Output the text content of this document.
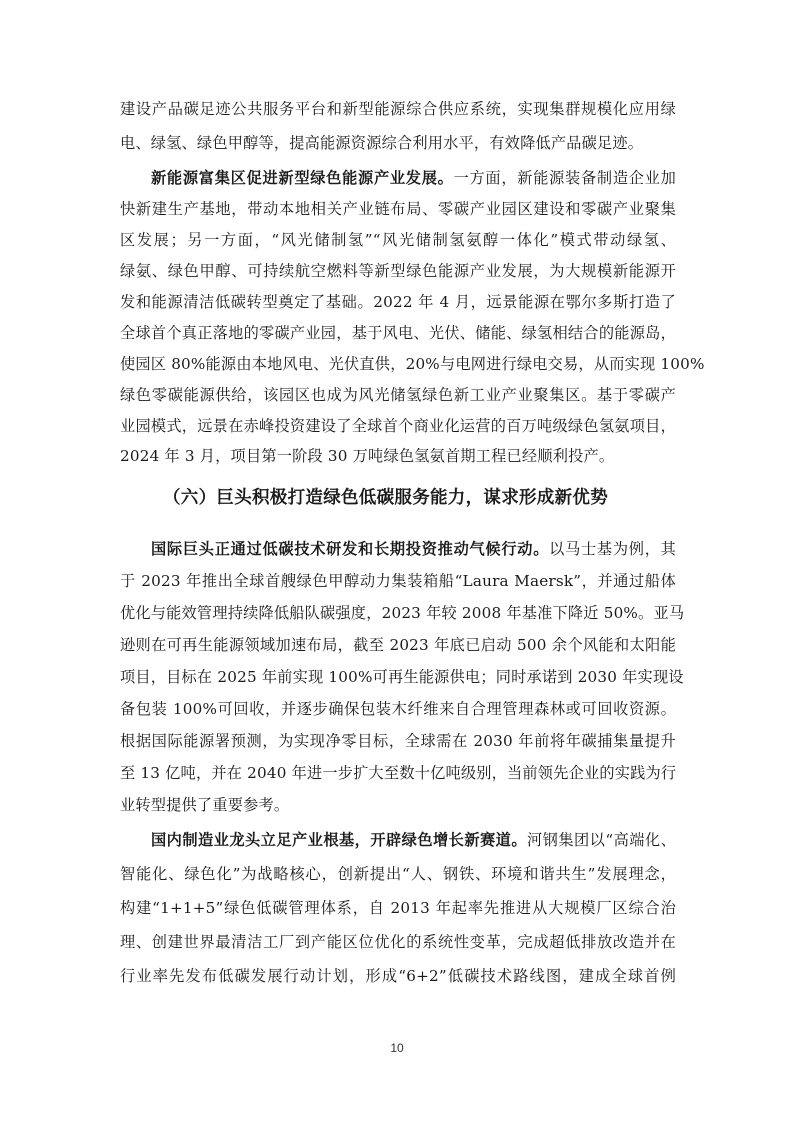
建设产品碳足迹公共服务平台和新型能源综合供应系统，实现集群规模化应用绿
电、绿氢、绿色甲醇等，提高能源资源综合利用水平，有效降低产品碳足迹。
新能源富集区促进新型绿色能源产业发展。一方面，新能源装备制造企业加
快新建生产基地，带动本地相关产业链布局、零碳产业园区建设和零碳产业聚集
区发展；另一方面，“风光储制氢”“风光储制氢氨醇一体化”模式带动绿氢、
绿氨、绿色甲醇、可持续航空燃料等新型绿色能源产业发展，为大规模新能源开
发和能源清洁低碳转型奠定了基础。2022 年 4 月，远景能源在鄂尔多斯打造了
全球首个真正落地的零碳产业园，基于风电、光伏、储能、绿氢相结合的能源岛，
使园区 80%能源由本地风电、光伏直供，20%与电网进行绿电交易，从而实现 100%
绿色零碳能源供给，该园区也成为风光储氢绿色新工业产业聚集区。基于零碳产
业园模式，远景在赤峰投资建设了全球首个商业化运营的百万吨级绿色氢氨项目，
2024 年 3 月，项目第一阶段 30 万吨绿色氢氨首期工程已经顺利投产。
（六）巨头积极打造绿色低碳服务能力，谋求形成新优势
国际巨头正通过低碳技术研发和长期投资推动气候行动。以马士基为例，其
于 2023 年推出全球首艘绿色甲醇动力集装箱船“Laura Maersk”，并通过船体
优化与能效管理持续降低船队碳强度，2023 年较 2008 年基准下降近 50%。亚马
逊则在可再生能源领域加速布局，截至 2023 年底已启动 500 余个风能和太阳能
项目，目标在 2025 年前实现 100%可再生能源供电；同时承诺到 2030 年实现设
备包装 100%可回收，并逐步确保包装木纤维来自合理管理森林或可回收资源。
根据国际能源署预测，为实现净零目标，全球需在 2030 年前将年碳捕集量提升
至 13 亿吨，并在 2040 年进一步扩大至数十亿吨级别，当前领先企业的实践为行
业转型提供了重要参考。
国内制造业龙头立足产业根基，开辟绿色增长新赛道。河钢集团以“高端化、
智能化、绿色化”为战略核心，创新提出“人、钢铁、环境和谐共生”发展理念，
构建“1+1+5”绿色低碳管理体系，自 2013 年起率先推进从大规模厂区综合治
理、创建世界最清洁工厂到产能区位优化的系统性变革，完成超低排放改造并在
行业率先发布低碳发展行动计划，形成“6+2”低碳技术路线图，建成全球首例
10
